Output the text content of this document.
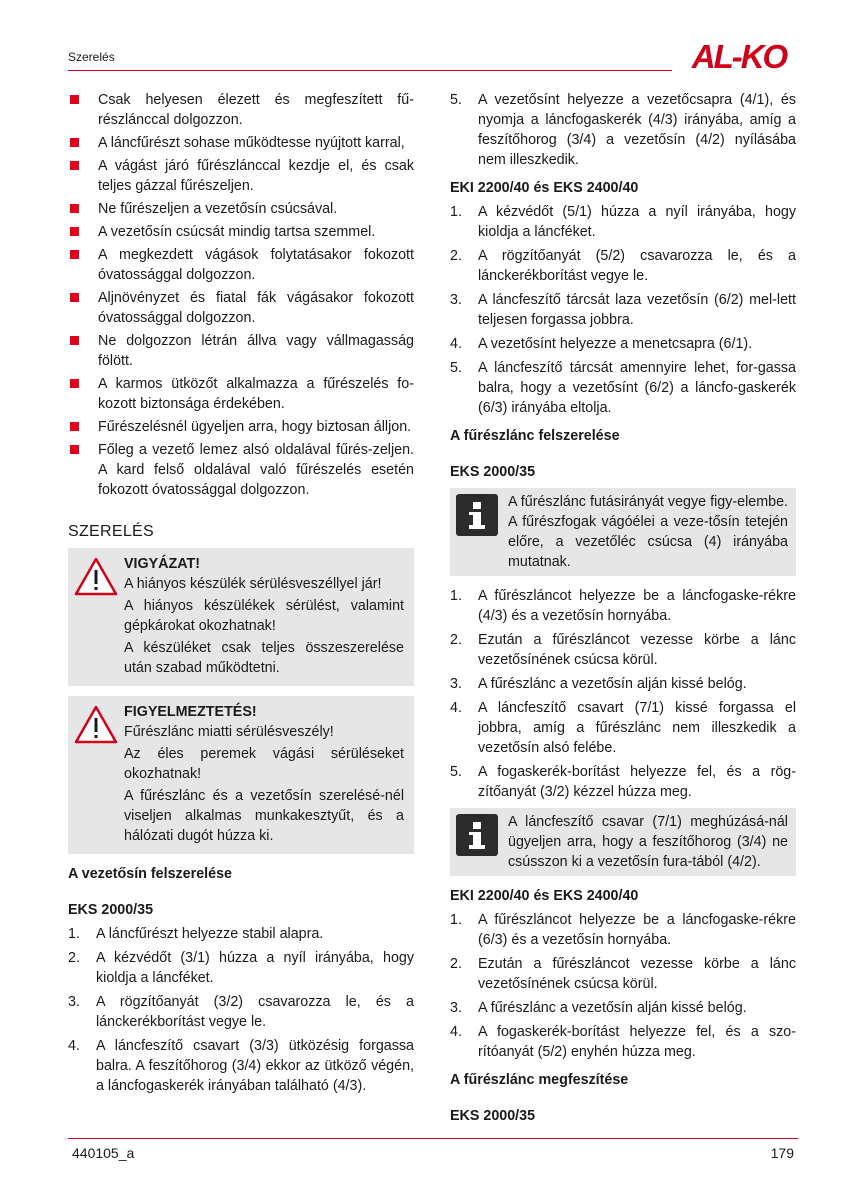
Szerelés	AL-KO
Csak helyesen élezett és megfeszített fű-részlánccal dolgozzon.
A láncfűrészt sohase működtesse nyújtott karral,
A vágást járó fűrészlánccal kezdje el, és csak teljes gázzal fűrészeljen.
Ne fűrészeljen a vezetősín csúcsával.
A vezetősín csúcsát mindig tartsa szemmel.
A megkezdett vágások folytatásakor fokozott óvatossággal dolgozzon.
Aljnövényzet és fiatal fák vágásakor fokozott óvatossággal dolgozzon.
Ne dolgozzon létrán állva vagy vállmagasság fölött.
A karmos ütközőt alkalmazza a fűrészelés fo-kozott biztonsága érdekében.
Fűrészelésnél ügyeljen arra, hogy biztosan álljon.
Főleg a vezető lemez alsó oldalával fűrés-zeljen. A kard felső oldalával való fűrészelés esetén fokozott óvatossággal dolgozzon.
SZERELÉS
VIGYÁZAT!

A hiányos készülék sérülésveszéllyel jár!

A hiányos készülékek sérülést, valamint gépkárokat okozhatnak!

A készüléket csak teljes összeszerelése után szabad működtetni.

FIGYELMEZTETÉS!

Fűrészlánc miatti sérülésveszély!

Az éles peremek vágási sérüléseket okozhatnak!

A fűrészlánc és a vezetősín szerelésé-nél viseljen alkalmas munkakesztyűt, és a hálózati dugót húzza ki.

A vezetősín felszerelése
EKS 2000/35
1. A láncfűrészt helyezze stabil alapra.
2. A kézvédőt (3/1) húzza a nyíl irányába, hogy kioldja a láncféket.
3. A rögzítőanyát (3/2) csavarozza le, és a lánckerékborítást vegye le.
4. A láncfeszítő csavart (3/3) ütközésig forgassa balra. A feszítőhorog (3/4) ekkor az ütköző végén, a láncfogaskerék irányában található (4/3).
5. A vezetősínt helyezze a vezetőcsapra (4/1), és nyomja a láncfogaskerék (4/3) irányába, amíg a feszítőhorog (3/4) a vezetősín (4/2) nyílásába nem illeszkedik.
EKI 2200/40 és EKS 2400/40
1. A kézvédőt (5/1) húzza a nyíl irányába, hogy kioldja a láncféket.
2. A rögzítőanyát (5/2) csavarozza le, és a lánckerékborítást vegye le.
3. A láncfeszítő tárcsát laza vezetősín (6/2) mel-lett teljesen forgassa jobbra.
4. A vezetősínt helyezze a menetcsapra (6/1).
5. A láncfeszítő tárcsát amennyire lehet, for-gassa balra, hogy a vezetősínt (6/2) a láncfo-gaskerék (6/3) irányába eltolja.
A fűrészlánc felszerelése
EKS 2000/35
A fűrészlánc futásirányát vegye figy-elembe. A fűrészfogak vágóélei a veze-tősín tetején előre, a vezetőléc csúcsa (4) irányába mutatnak.
1. A fűrészláncot helyezze be a láncfogaske-rékre (4/3) és a vezetősín hornyába.
2. Ezután a fűrészláncot vezesse körbe a lánc vezetősínének csúcsa körül.
3. A fűrészlánc a vezetősín alján kissé belóg.
4. A láncfeszítő csavart (7/1) kissé forgassa el jobbra, amíg a fűrészlánc nem illeszkedik a vezetősín alsó felébe.
5. A fogaskerék-borítást helyezze fel, és a rög-zítőanyát (3/2) kézzel húzza meg.
A láncfeszítő csavar (7/1) meghúzásá-nál ügyeljen arra, hogy a feszítőhorog (3/4) ne csússzon ki a vezetősín fura-tából (4/2).
EKI 2200/40 és EKS 2400/40
1. A fűrészláncot helyezze be a láncfogaske-rékre (6/3) és a vezetősín hornyába.
2. Ezután a fűrészláncot vezesse körbe a lánc vezetősínének csúcsa körül.
3. A fűrészlánc a vezetősín alján kissé belóg.
4. A fogaskerék-borítást helyezze fel, és a szo-rítóanyát (5/2) enyhén húzza meg.
A fűrészlánc megfeszítése
EKS 2000/35
440105_a	179
